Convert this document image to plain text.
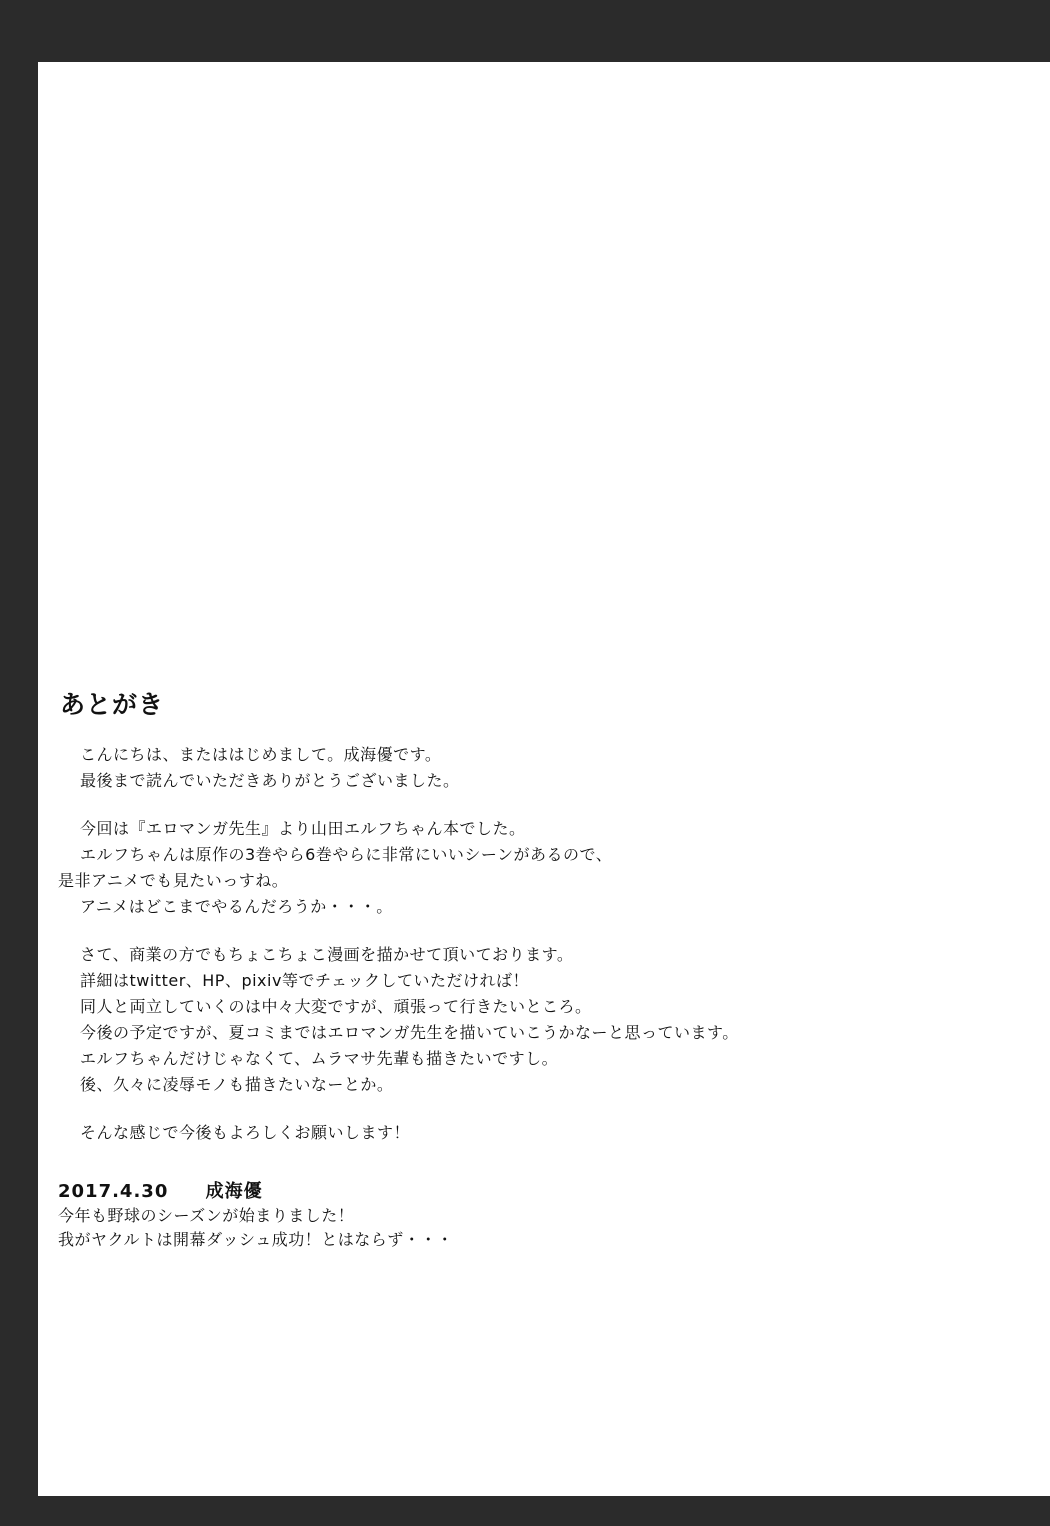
あとがき
こんにちは、またははじめまして。成海優です。
最後まで読んでいただきありがとうございました。
今回は『エロマンガ先生』より山田エルフちゃん本でした。
エルフちゃんは原作の3巻やら6巻やらに非常にいいシーンがあるので、
是非アニメでも見たいっすね。
アニメはどこまでやるんだろうか・・・。
さて、商業の方でもちょこちょこ漫画を描かせて頂いております。
詳細はtwitter、HP、pixiv等でチェックしていただければ！
同人と両立していくのは中々大変ですが、頑張って行きたいところ。
今後の予定ですが、夏コミまではエロマンガ先生を描いていこうかなーと思っています。
エルフちゃんだけじゃなくて、ムラマサ先輩も描きたいですし。
後、久々に凌辱モノも描きたいなーとか。
そんな感じで今後もよろしくお願いします！
2017.4.30 成海優
今年も野球のシーズンが始まりました！
我がヤクルトは開幕ダッシュ成功！とはならず・・・
